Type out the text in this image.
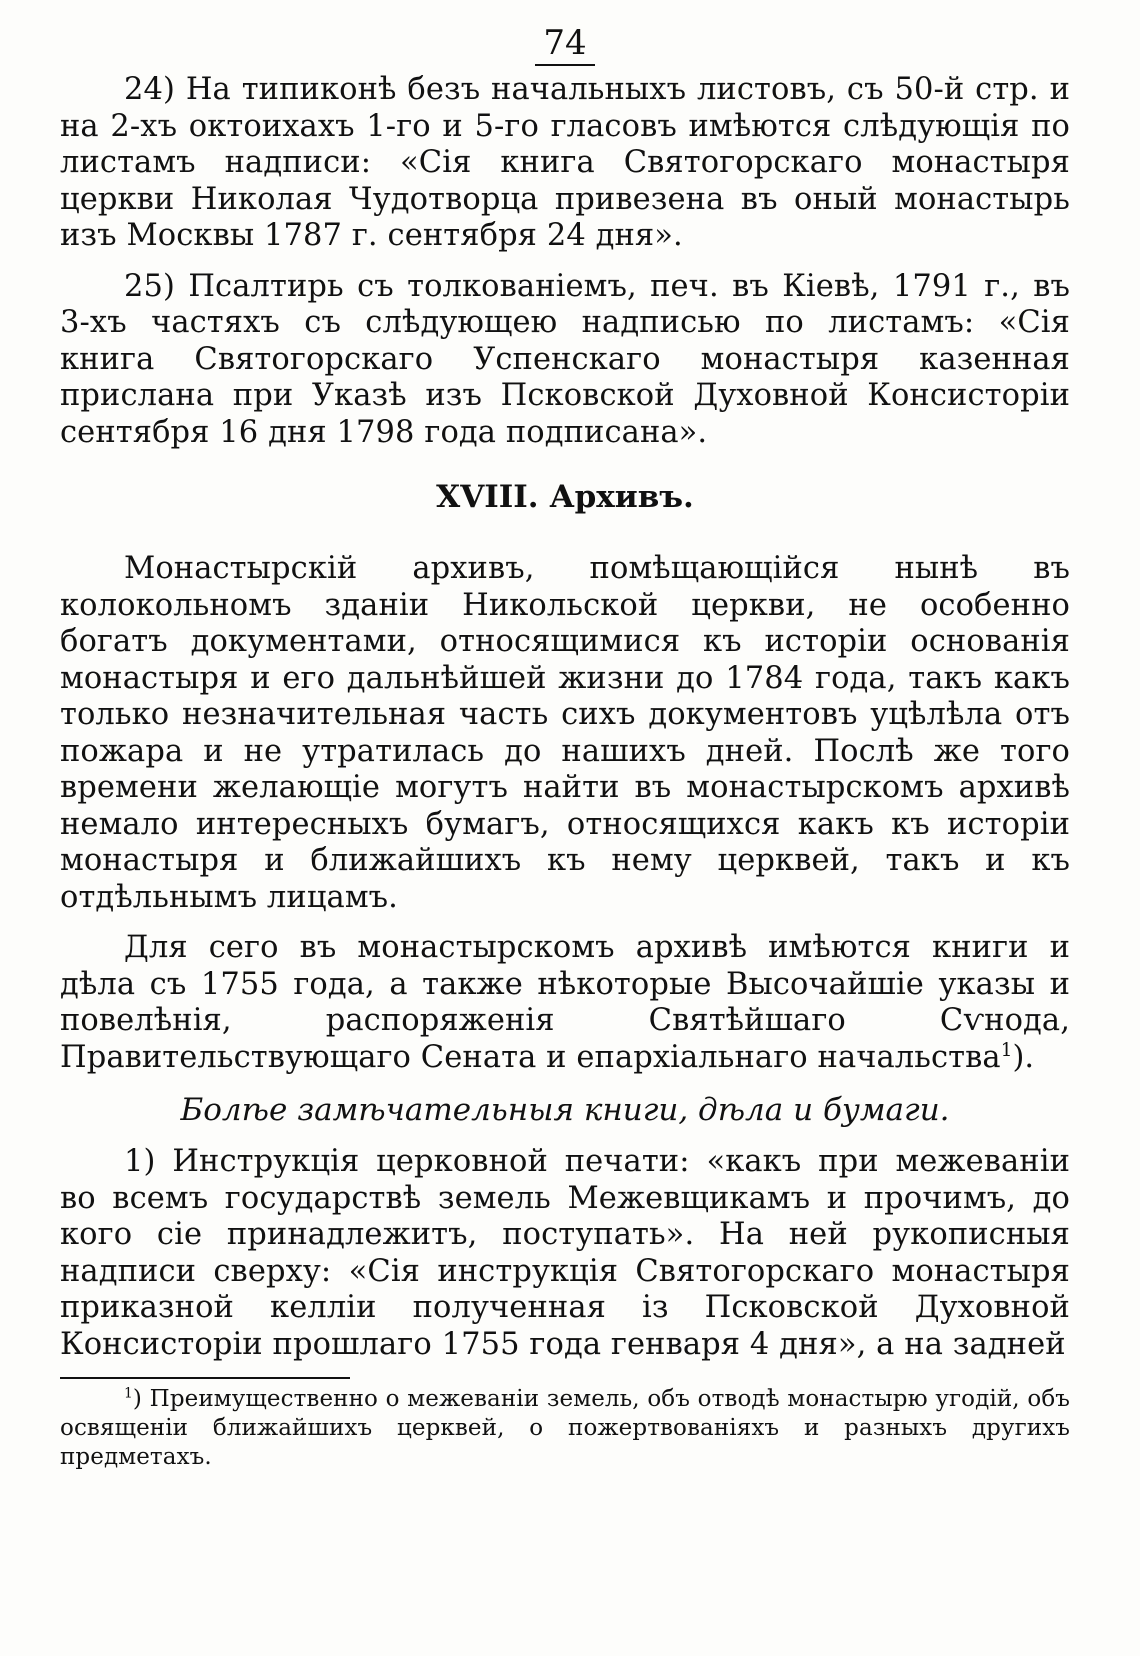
74

24) На типиконѣ безъ начальныхъ листовъ, съ 50-й стр. и на 2-хъ октоихахъ 1-го и 5-го гласовъ имѣются слѣдующія по листамъ надписи: «Сія книга Святогорскаго монастыря церкви Николая Чудотворца привезена въ оный монастырь изъ Москвы 1787 г. сентября 24 дня».

25) Псалтирь съ толкованіемъ, печ. въ Кіевѣ, 1791 г., въ 3-хъ частяхъ съ слѣдующею надписью по листамъ: «Сія книга Святогорскаго Успенскаго монастыря казенная прислана при Указѣ изъ Псковской Духовной Консисторіи сентября 16 дня 1798 года подписана».

XVIII. Архивъ.

Монастырскій архивъ, помѣщающійся нынѣ въ колокольномъ зданіи Никольской церкви, не особенно богатъ документами, относящимися къ исторіи основанія монастыря и его дальнѣйшей жизни до 1784 года, такъ какъ только незначительная часть сихъ документовъ уцѣлѣла отъ пожара и не утратилась до нашихъ дней. Послѣ же того времени желающіе могутъ найти въ монастырскомъ архивѣ немало интересныхъ бумагъ, относящихся какъ къ исторіи монастыря и ближайшихъ къ нему церквей, такъ и къ отдѣльнымъ лицамъ.

Для сего въ монастырскомъ архивѣ имѣются книги и дѣла съ 1755 года, а также нѣкоторые Высочайшіе указы и повелѣнія, распоряженія Святѣйшаго Сѵнода, Правительствующаго Сената и епархіальнаго начальства$^1$).

Болѣе замѣчательныя книги, дѣла и бумаги.

1) Инструкція церковной печати: «какъ при межеваніи во всемъ государствѣ земель Межевщикамъ и прочимъ, до кого сіе принадлежитъ, поступать». На ней рукописныя надписи сверху: «Сія инструкція Святогорскаго монастыря приказной келліи полученная із Псковской Духовной Консисторіи прошлаго 1755 года генваря 4 дня», а на задней

$^1$) Преимущественно о межеваніи земель, объ отводѣ монастырю угодій, объ освященіи ближайшихъ церквей, о пожертвованіяхъ и разныхъ другихъ предметахъ.
